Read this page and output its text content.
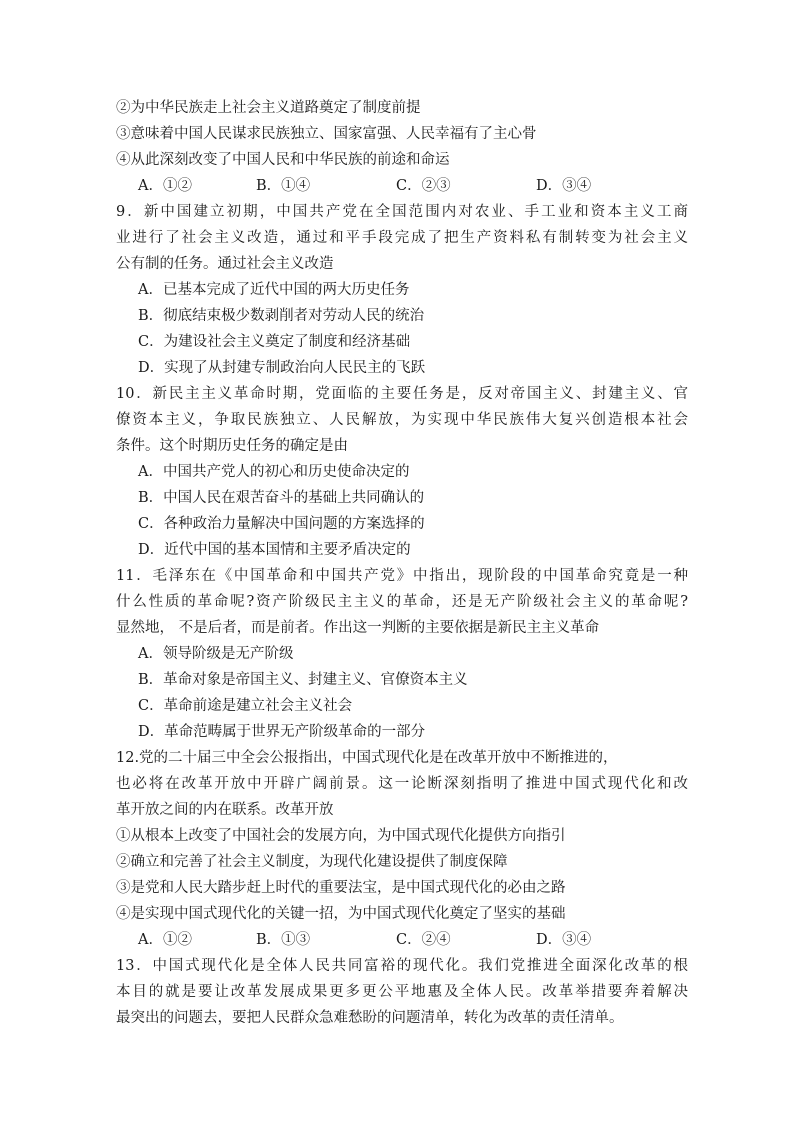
②为中华民族走上社会主义道路奠定了制度前提
③意味着中国人民谋求民族独立、国家富强、人民幸福有了主心骨
④从此深刻改变了中国人民和中华民族的前途和命运
A．①②	B．①④	C．②③	D．③④
9．新中国建立初期，中国共产党在全国范围内对农业、手工业和资本主义工商
业进行了社会主义改造，通过和平手段完成了把生产资料私有制转变为社会主义
公有制的任务。通过社会主义改造
A．已基本完成了近代中国的两大历史任务
B．彻底结束极少数剥削者对劳动人民的统治
C．为建设社会主义奠定了制度和经济基础
D．实现了从封建专制政治向人民民主的飞跃
10．新民主主义革命时期，党面临的主要任务是，反对帝国主义、封建主义、官
僚资本主义，争取民族独立、人民解放，为实现中华民族伟大复兴创造根本社会
条件。这个时期历史任务的确定是由
A．中国共产党人的初心和历史使命决定的
B．中国人民在艰苦奋斗的基础上共同确认的
C．各种政治力量解决中国问题的方案选择的
D．近代中国的基本国情和主要矛盾决定的
11．毛泽东在《中国革命和中国共产党》中指出，现阶段的中国革命究竟是一种
什么性质的革命呢?资产阶级民主主义的革命，还是无产阶级社会主义的革命呢?
显然地， 不是后者，而是前者。作出这一判断的主要依据是新民主主义革命
A．领导阶级是无产阶级
B．革命对象是帝国主义、封建主义、官僚资本主义
C．革命前途是建立社会主义社会
D．革命范畴属于世界无产阶级革命的一部分
12.党的二十届三中全会公报指出，中国式现代化是在改革开放中不断推进的，
也必将在改革开放中开辟广阔前景。这一论断深刻指明了推进中国式现代化和改
革开放之间的内在联系。改革开放
①从根本上改变了中国社会的发展方向，为中国式现代化提供方向指引
②确立和完善了社会主义制度，为现代化建设提供了制度保障
③是党和人民大踏步赶上时代的重要法宝，是中国式现代化的必由之路
④是实现中国式现代化的关键一招，为中国式现代化奠定了坚实的基础
A．①②	B．①③	C．②④	D．③④
13．中国式现代化是全体人民共同富裕的现代化。我们党推进全面深化改革的根
本目的就是要让改革发展成果更多更公平地惠及全体人民。改革举措要奔着解决
最突出的问题去，要把人民群众急难愁盼的问题清单，转化为改革的责任清单。
